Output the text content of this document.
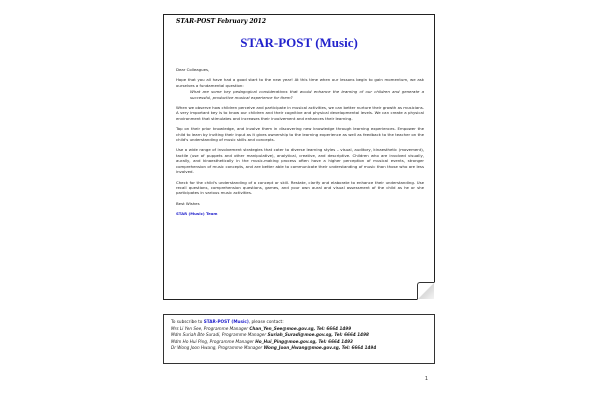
STAR-POST February 2012
STAR-POST (Music)

Dear Colleagues,

Hope that you all have had a good start to the new year! At this time when our lessons begin to gain momentum, we ask ourselves a fundamental question:

What are some key pedagogical considerations that would enhance the learning of our children and generate a successful, productive musical experience for them?

When we observe how children perceive and participate in musical activities, we can better nurture their growth as musicians. A very important key is to know our children and their cognitive and physical developmental levels. We can create a physical environment that stimulates and increases their involvement and enhances their learning.

Tap on their prior knowledge, and involve them in discovering new knowledge through learning experiences. Empower the child to learn by inviting their input as it gives ownership to the learning experience as well as feedback to the teacher on the child's understanding of music skills and concepts.

Use a wide range of involvement strategies that cater to diverse learning styles – visual, auditory, kinaesthetic (movement), tactile (use of puppets and other manipulative), analytical, creative, and descriptive. Children who are involved visually, aurally, and kinaesthetically in the music-making process often have a higher perception of musical events, stronger comprehension of music concepts, and are better able to communicate their understanding of music than those who are less involved.

Check for the child's understanding of a concept or skill. Restate, clarify and elaborate to enhance their understanding. Use recall questions, comprehension questions, games, and your own aural and visual assessment of the child as he or she participates in various music activities.

Best Wishes

STAR (Music) Team

To subscribe to STAR-POST (Music), please contact:
Mrs Li Yen See, Programme Manager Chan_Yen_See@moe.gov.sg, Tel: 6664 1499
Mdm Suriah Bte Suradi, Programme Manager Suriah_Suradi@moe.gov.sg, Tel: 6664 1498
Mdm Ho Hui Ping, Programme Manager Ho_Hui_Ping@moe.gov.sg, Tel: 6664 1493
Dr Wong Joon Hwang, Programme Manager Wong_Joon_Hwang@moe.gov.sg, Tel: 6664 1494
1
